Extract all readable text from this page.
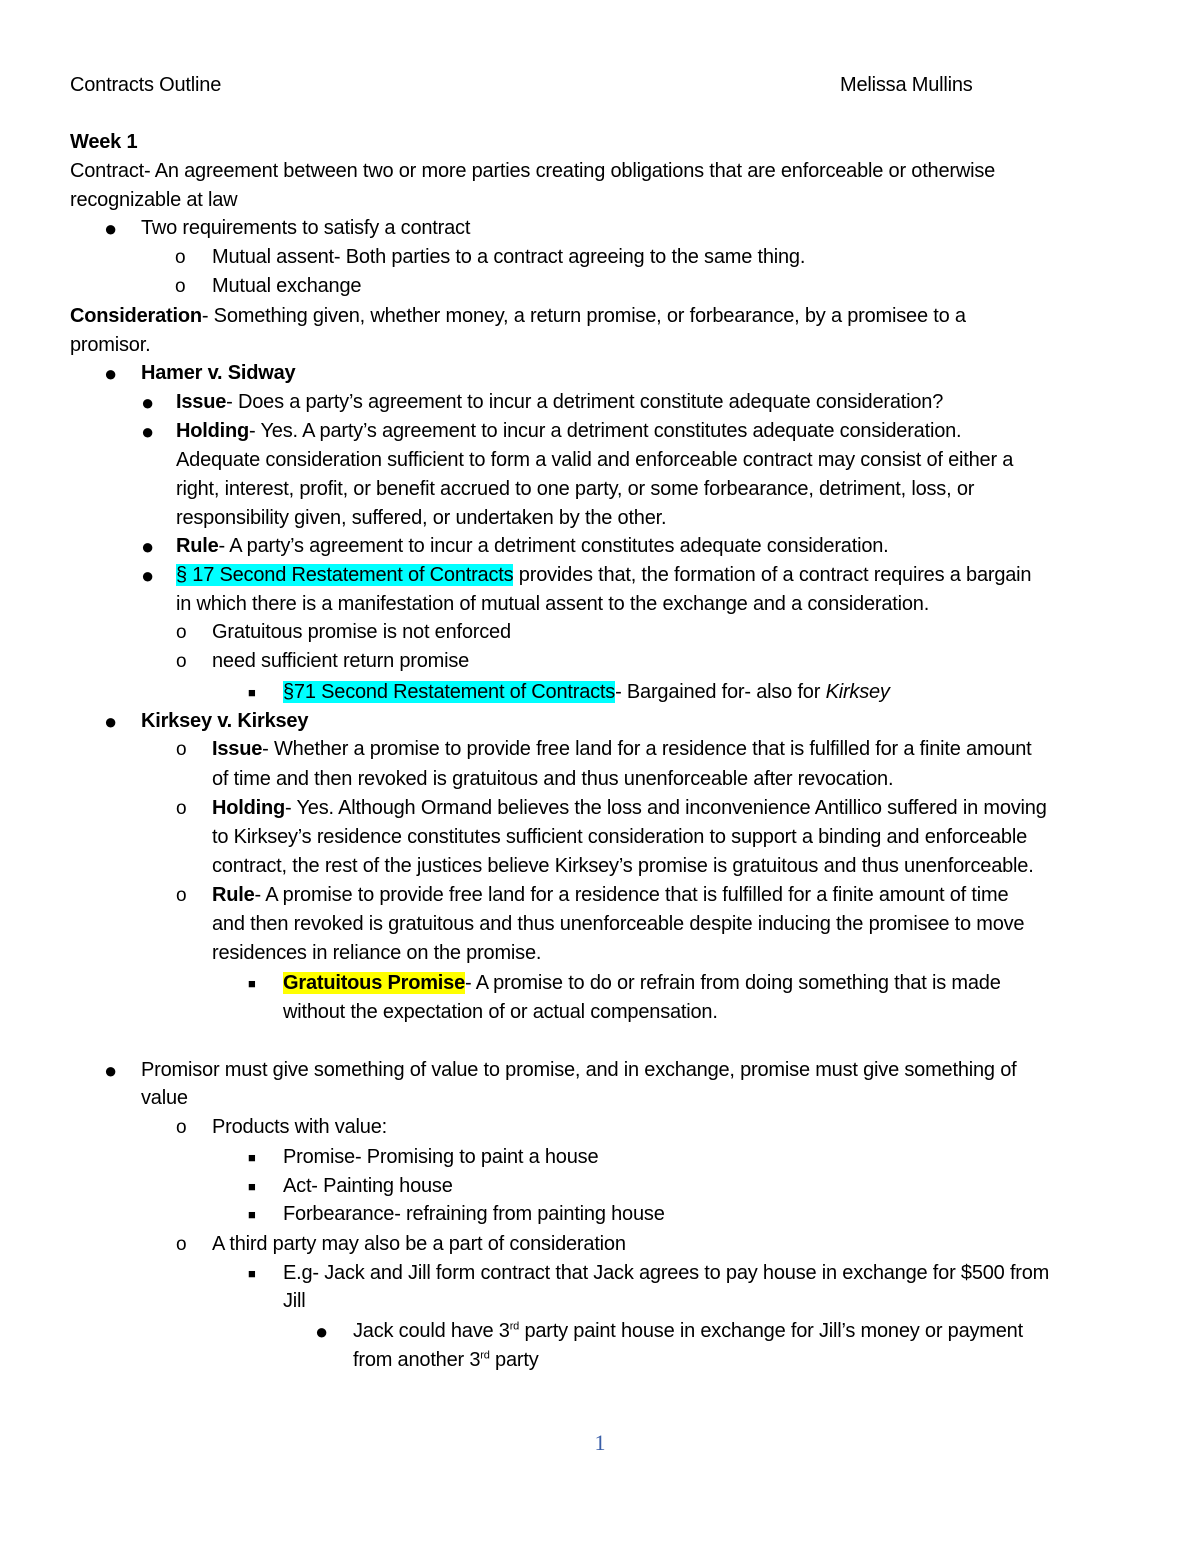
Contracts Outline	Melissa Mullins
Week 1
Contract- An agreement between two or more parties creating obligations that are enforceable or otherwise
recognizable at law
● Two requirements to satisfy a contract
o Mutual assent- Both parties to a contract agreeing to the same thing.
o Mutual exchange
Consideration- Something given, whether money, a return promise, or forbearance, by a promisee to a
promisor.
● Hamer v. Sidway
● Issue- Does a party’s agreement to incur a detriment constitute adequate consideration?
● Holding- Yes. A party’s agreement to incur a detriment constitutes adequate consideration.
Adequate consideration sufficient to form a valid and enforceable contract may consist of either a
right, interest, profit, or benefit accrued to one party, or some forbearance, detriment, loss, or
responsibility given, suffered, or undertaken by the other.
● Rule- A party’s agreement to incur a detriment constitutes adequate consideration.
● § 17 Second Restatement of Contracts provides that, the formation of a contract requires a bargain
in which there is a manifestation of mutual assent to the exchange and a consideration.
o Gratuitous promise is not enforced
o need sufficient return promise
■ §71 Second Restatement of Contracts- Bargained for- also for Kirksey
● Kirksey v. Kirksey
o Issue- Whether a promise to provide free land for a residence that is fulfilled for a finite amount
of time and then revoked is gratuitous and thus unenforceable after revocation.
o Holding- Yes. Although Ormand believes the loss and inconvenience Antillico suffered in moving
to Kirksey’s residence constitutes sufficient consideration to support a binding and enforceable
contract, the rest of the justices believe Kirksey’s promise is gratuitous and thus unenforceable.
o Rule- A promise to provide free land for a residence that is fulfilled for a finite amount of time
and then revoked is gratuitous and thus unenforceable despite inducing the promisee to move
residences in reliance on the promise.
■ Gratuitous Promise- A promise to do or refrain from doing something that is made
without the expectation of or actual compensation.
● Promisor must give something of value to promise, and in exchange, promise must give something of
value
o Products with value:
■ Promise- Promising to paint a house
■ Act- Painting house
■ Forbearance- refraining from painting house
o A third party may also be a part of consideration
■ E.g- Jack and Jill form contract that Jack agrees to pay house in exchange for $500 from
Jill
● Jack could have 3rd party paint house in exchange for Jill’s money or payment
from another 3rd party
1
